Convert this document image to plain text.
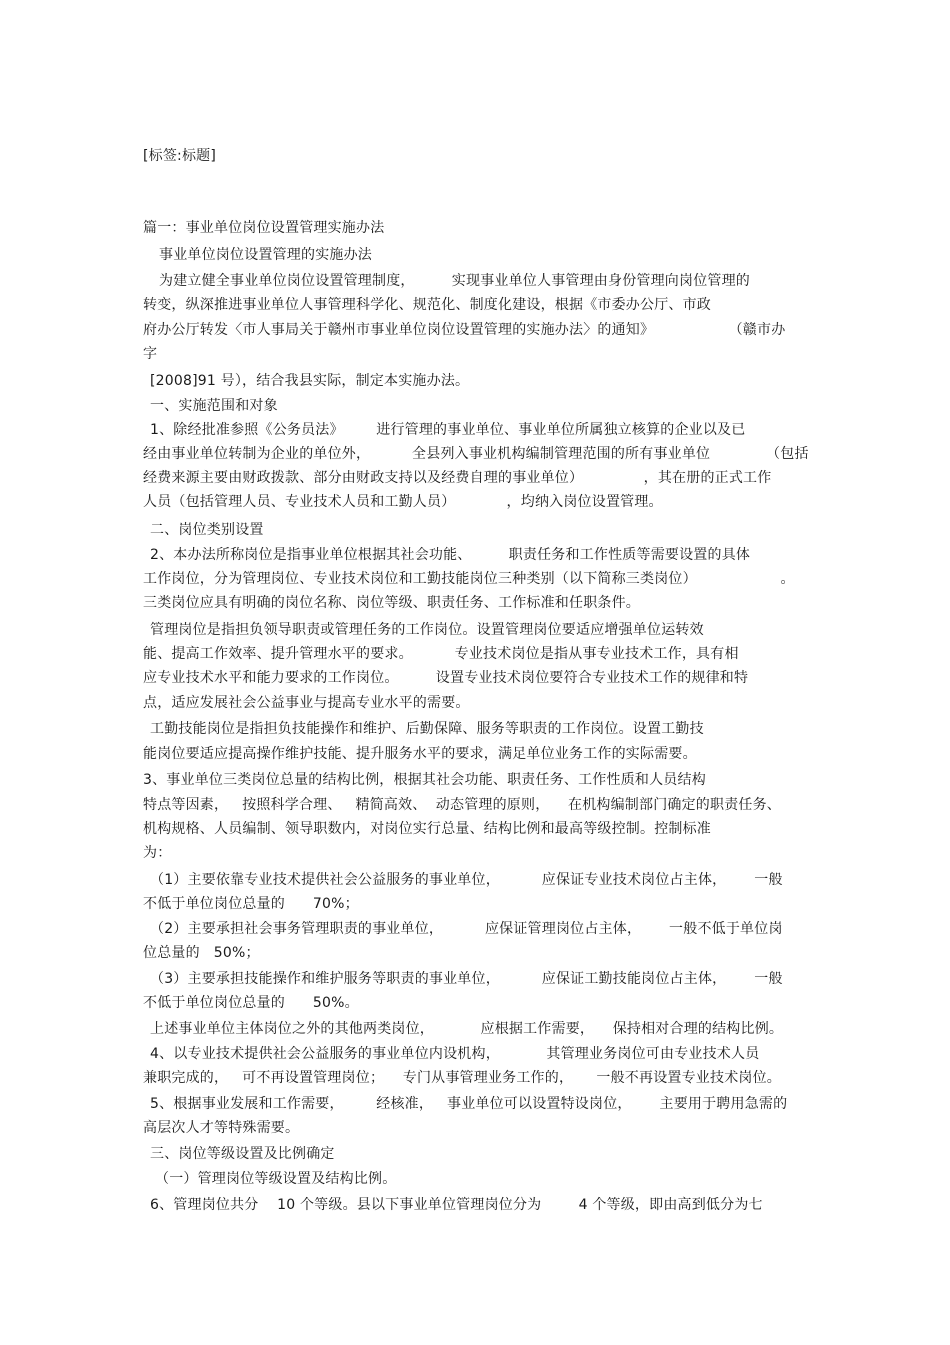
[标签:标题]
篇一：事业单位岗位设置管理实施办法
事业单位岗位设置管理的实施办法
为建立健全事业单位岗位设置管理制度，        实现事业单位人事管理由身份管理向岗位管理的
转变，纵深推进事业单位人事管理科学化、规范化、制度化建设，根据《市委办公厅、市政
府办公厅转发〈市人事局关于赣州市事业单位岗位设置管理的实施办法〉的通知》                （赣市办
字
[2008]91 号），结合我县实际，制定本实施办法。
一、实施范围和对象
1、除经批准参照《公务员法》       进行管理的事业单位、事业单位所属独立核算的企业以及已
经由事业单位转制为企业的单位外，         全县列入事业机构编制管理范围的所有事业单位            （包括
经费来源主要由财政拨款、部分由财政支持以及经费自理的事业单位）             ，其在册的正式工作
人员（包括管理人员、专业技术人员和工勤人员）           ，均纳入岗位设置管理。
二、岗位类别设置
2、本办法所称岗位是指事业单位根据其社会功能、        职责任务和工作性质等需要设置的具体
工作岗位，分为管理岗位、专业技术岗位和工勤技能岗位三种类别（以下简称三类岗位）                  。
三类岗位应具有明确的岗位名称、岗位等级、职责任务、工作标准和任职条件。
管理岗位是指担负领导职责或管理任务的工作岗位。设置管理岗位要适应增强单位运转效
能、提高工作效率、提升管理水平的要求。         专业技术岗位是指从事专业技术工作，具有相
应专业技术水平和能力要求的工作岗位。        设置专业技术岗位要符合专业技术工作的规律和特
点，适应发展社会公益事业与提高专业水平的需要。
工勤技能岗位是指担负技能操作和维护、后勤保障、服务等职责的工作岗位。设置工勤技
能岗位要适应提高操作维护技能、提升服务水平的要求，满足单位业务工作的实际需要。
3、事业单位三类岗位总量的结构比例，根据其社会功能、职责任务、工作性质和人员结构
特点等因素，   按照科学合理、   精简高效、  动态管理的原则，    在机构编制部门确定的职责任务、
机构规格、人员编制、领导职数内，对岗位实行总量、结构比例和最高等级控制。控制标准
为：
（1）主要依靠专业技术提供社会公益服务的事业单位，         应保证专业技术岗位占主体，      一般
不低于单位岗位总量的      70%；
（2）主要承担社会事务管理职责的事业单位，         应保证管理岗位占主体，      一般不低于单位岗
位总量的   50%；
（3）主要承担技能操作和维护服务等职责的事业单位，         应保证工勤技能岗位占主体，      一般
不低于单位岗位总量的      50%。
上述事业单位主体岗位之外的其他两类岗位，          应根据工作需要，    保持相对合理的结构比例。
4、以专业技术提供社会公益服务的事业单位内设机构，          其管理业务岗位可由专业技术人员
兼职完成的，   可不再设置管理岗位；    专门从事管理业务工作的，     一般不再设置专业技术岗位。
5、根据事业发展和工作需要，       经核准，   事业单位可以设置特设岗位，      主要用于聘用急需的
高层次人才等特殊需要。
三、岗位等级设置及比例确定
（一）管理岗位等级设置及结构比例。
6、管理岗位共分    10 个等级。县以下事业单位管理岗位分为        4 个等级，即由高到低分为七
